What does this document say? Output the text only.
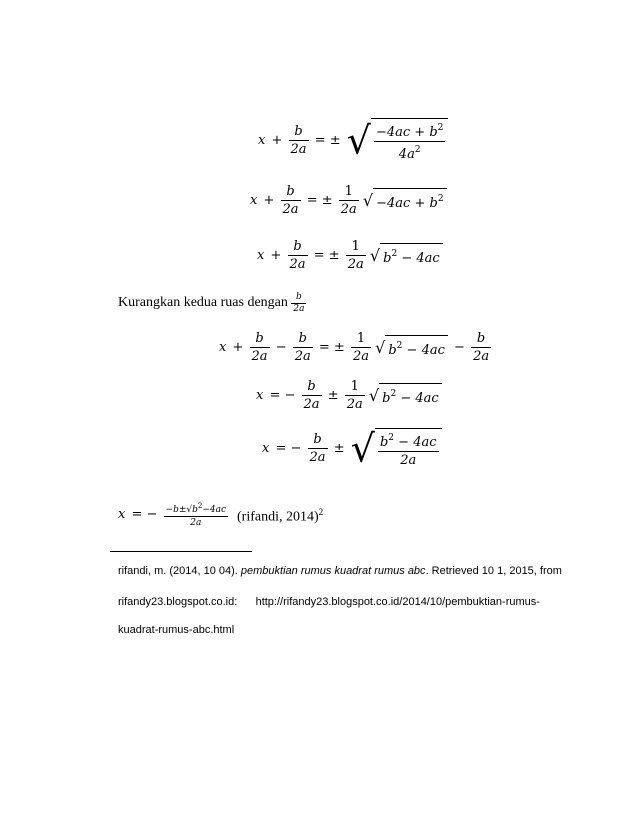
$x + \frac{b}{2a}$ = ± √ $\frac{-4ac + b^2}{4a^2}$
$x + \frac{b}{2a}$ = ± $\frac{1}{2a}$ √ $-4ac + b^2$
$x + \frac{b}{2a}$ = ± $\frac{1}{2a}$ √ $b^2 - 4ac$
Kurangkan kedua ruas dengan $\frac{b}{2a}$
$x + \frac{b}{2a} - \frac{b}{2a}$ = ± $\frac{1}{2a}$ √ $b^2 - 4ac - \frac{b}{2a}$
x = − $\frac{b}{2a} \pm \frac{1}{2a}$ √ $b^2 - 4ac$
x = − $\frac{b}{2a}$ ± √ $\frac{b^2 - 4ac}{2a}$
x = − $\frac{-b\pm√b^2-4ac}{2a}$ (rifandi, 2014)$^2$
rifandi, m. (2014, 10 04). pembuktian rumus kuadrat rumus abc. Retrieved 10 1, 2015, from
rifandy23.blogspot.co.id:      http://rifandy23.blogspot.co.id/2014/10/pembuktian-rumus-
kuadrat-rumus-abc.html
